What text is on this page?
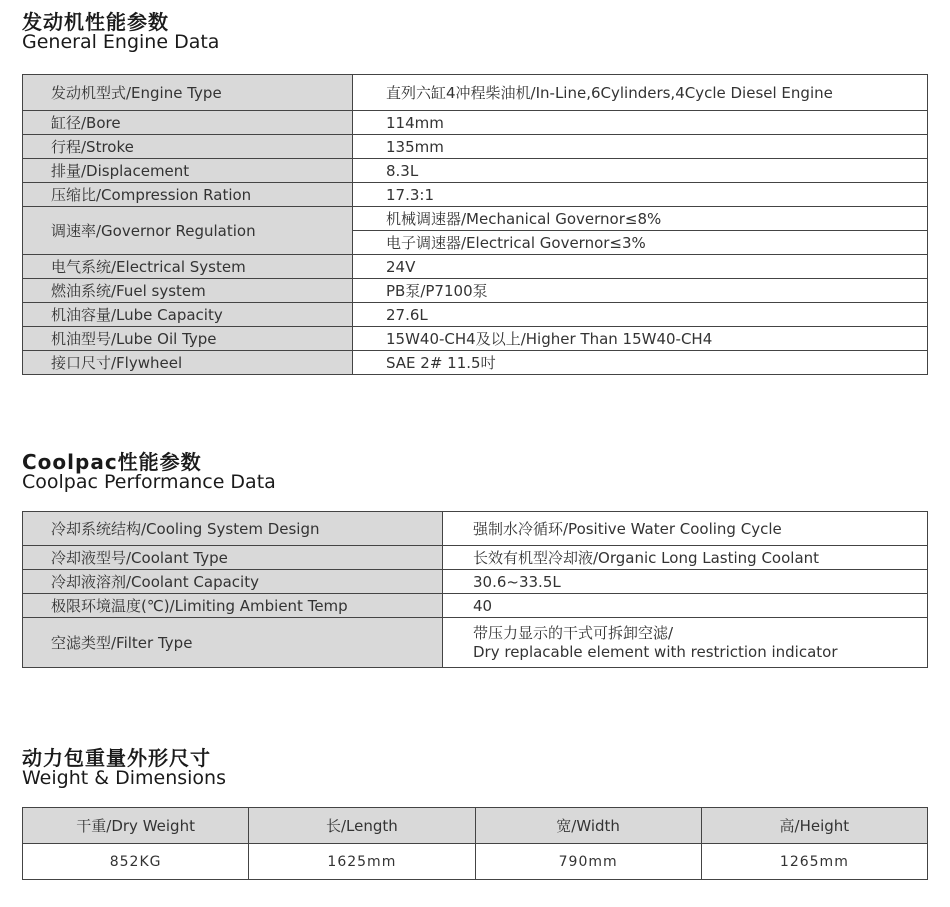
发动机性能参数
General Engine Data
发动机型式/Engine Type	直列六缸4冲程柴油机/In-Line,6Cylinders,4Cycle Diesel Engine
缸径/Bore	114mm
行程/Stroke	135mm
排量/Displacement	8.3L
压缩比/Compression Ration	17.3:1
调速率/Governor Regulation	机械调速器/Mechanical Governor≤8%
	电子调速器/Electrical Governor≤3%
电气系统/Electrical System	24V
燃油系统/Fuel system	PB泵/P7100泵
机油容量/Lube Capacity	27.6L
机油型号/Lube Oil Type	15W40-CH4及以上/Higher Than 15W40-CH4
接口尺寸/Flywheel	SAE 2# 11.5吋
Coolpac性能参数
Coolpac Performance Data
冷却系统结构/Cooling System Design	强制水冷循环/Positive Water Cooling Cycle
冷却液型号/Coolant Type	长效有机型冷却液/Organic Long Lasting Coolant
冷却液溶剂/Coolant Capacity	30.6~33.5L
极限环境温度(℃)/Limiting Ambient Temp	40
空滤类型/Filter Type	带压力显示的干式可拆卸空滤/
Dry replacable element with restriction indicator
动力包重量外形尺寸
Weight & Dimensions
干重/Dry Weight	长/Length	宽/Width	高/Height
852KG	1625mm	790mm	1265mm
